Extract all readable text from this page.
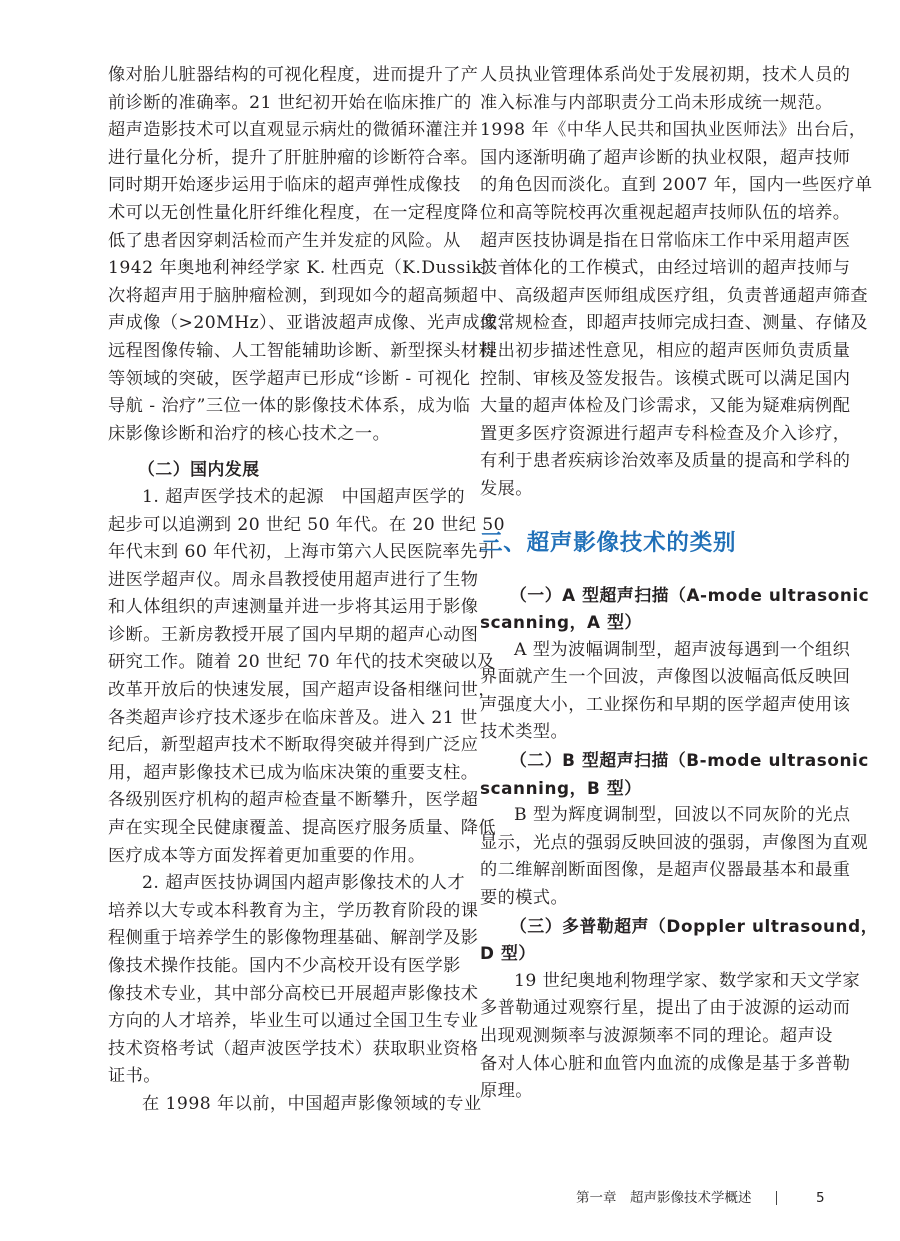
像对胎儿脏器结构的可视化程度，进而提升了产
前诊断的准确率。21 世纪初开始在临床推广的
超声造影技术可以直观显示病灶的微循环灌注并
进行量化分析，提升了肝脏肿瘤的诊断符合率。
同时期开始逐步运用于临床的超声弹性成像技
术可以无创性量化肝纤维化程度，在一定程度降
低了患者因穿刺活检而产生并发症的风险。从
1942 年奥地利神经学家 K. 杜西克（K.Dussik）首
次将超声用于脑肿瘤检测，到现如今的超高频超
声成像（>20MHz）、亚谐波超声成像、光声成像、
远程图像传输、人工智能辅助诊断、新型探头材料
等领域的突破，医学超声已形成“诊断 - 可视化
导航 - 治疗”三位一体的影像技术体系，成为临
床影像诊断和治疗的核心技术之一。
（二）国内发展
1. 超声医学技术的起源　中国超声医学的
起步可以追溯到 20 世纪 50 年代。在 20 世纪 50
年代末到 60 年代初，上海市第六人民医院率先引
进医学超声仪。周永昌教授使用超声进行了生物
和人体组织的声速测量并进一步将其运用于影像
诊断。王新房教授开展了国内早期的超声心动图
研究工作。随着 20 世纪 70 年代的技术突破以及
改革开放后的快速发展，国产超声设备相继问世，
各类超声诊疗技术逐步在临床普及。进入 21 世
纪后，新型超声技术不断取得突破并得到广泛应
用，超声影像技术已成为临床决策的重要支柱。
各级别医疗机构的超声检查量不断攀升，医学超
声在实现全民健康覆盖、提高医疗服务质量、降低
医疗成本等方面发挥着更加重要的作用。
2. 超声医技协调国内超声影像技术的人才
培养以大专或本科教育为主，学历教育阶段的课
程侧重于培养学生的影像物理基础、解剖学及影
像技术操作技能。国内不少高校开设有医学影
像技术专业，其中部分高校已开展超声影像技术
方向的人才培养，毕业生可以通过全国卫生专业
技术资格考试（超声波医学技术）获取职业资格
证书。
在 1998 年以前，中国超声影像领域的专业
人员执业管理体系尚处于发展初期，技术人员的
准入标准与内部职责分工尚未形成统一规范。
1998 年《中华人民共和国执业医师法》出台后，
国内逐渐明确了超声诊断的执业权限，超声技师
的角色因而淡化。直到 2007 年，国内一些医疗单
位和高等院校再次重视起超声技师队伍的培养。
超声医技协调是指在日常临床工作中采用超声医
技一体化的工作模式，由经过培训的超声技师与
中、高级超声医师组成医疗组，负责普通超声筛查
或常规检查，即超声技师完成扫查、测量、存储及
提出初步描述性意见，相应的超声医师负责质量
控制、审核及签发报告。该模式既可以满足国内
大量的超声体检及门诊需求，又能为疑难病例配
置更多医疗资源进行超声专科检查及介入诊疗，
有利于患者疾病诊治效率及质量的提高和学科的
发展。
三、超声影像技术的类别
（一）A 型超声扫描（A-mode ultrasonic
scanning，A 型）
A 型为波幅调制型，超声波每遇到一个组织
界面就产生一个回波，声像图以波幅高低反映回
声强度大小，工业探伤和早期的医学超声使用该
技术类型。
（二）B 型超声扫描（B-mode ultrasonic
scanning，B 型）
B 型为辉度调制型，回波以不同灰阶的光点
显示，光点的强弱反映回波的强弱，声像图为直观
的二维解剖断面图像，是超声仪器最基本和最重
要的模式。
（三）多普勒超声（Doppler ultrasound，
D 型）
19 世纪奥地利物理学家、数学家和天文学家
多普勒通过观察行星，提出了由于波源的运动而
出现观测频率与波源频率不同的理论。超声设
备对人体心脏和血管内血流的成像是基于多普勒
原理。
第一章　超声影像技术学概述	5
